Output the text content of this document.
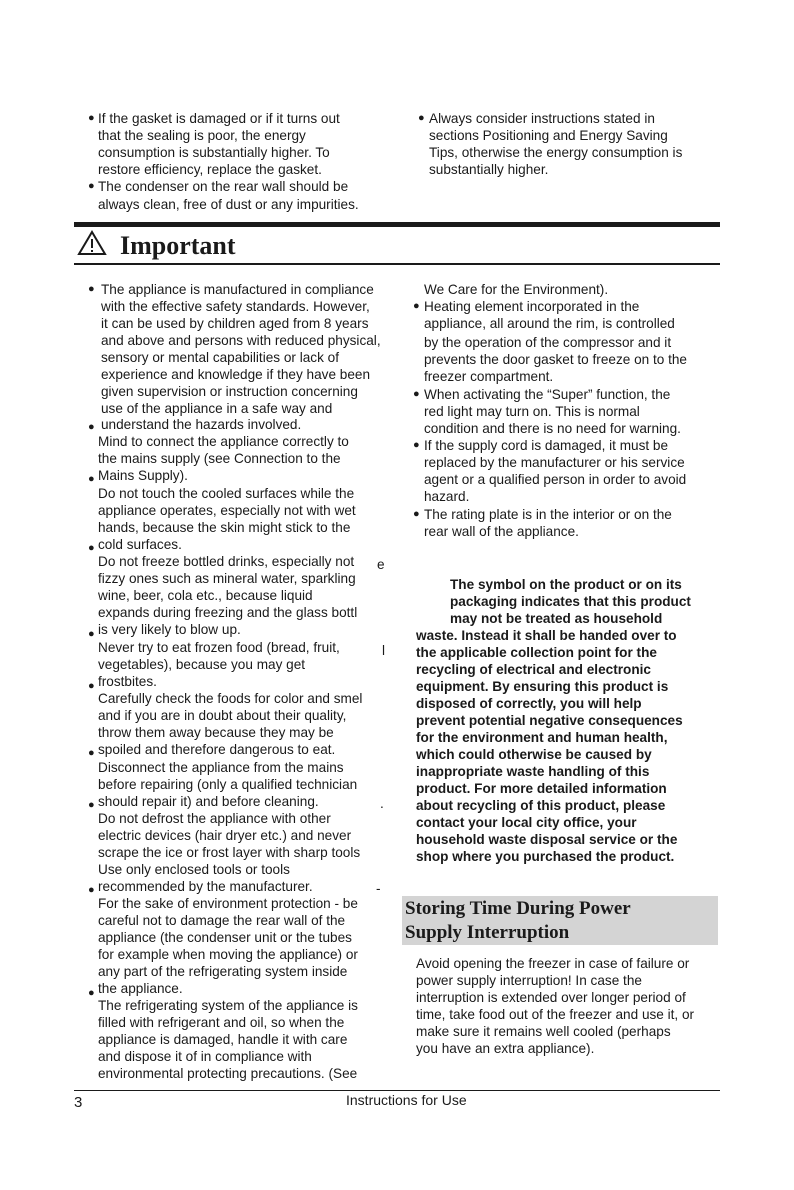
● If the gasket is damaged or if it turns out
that the sealing is poor, the energy
consumption is substantially higher. To
restore efficiency, replace the gasket.
● The condenser on the rear wall should be
always clean, free of dust or any impurities.
● Always consider instructions stated in
sections Positioning and Energy Saving
Tips, otherwise the energy consumption is
substantially higher.
Important
●
●
●
●
●
●
●
●
●
●
The appliance is manufactured in compliance
with the effective safety standards. However,
it can be used by children aged from 8 years
and above and persons with reduced physical,
sensory or mental capabilities or lack of
experience and knowledge if they have been
given supervision or instruction concerning
use of the appliance in a safe way and
understand the hazards involved.
Mind to connect the appliance correctly to
the mains supply (see Connection to the
Mains Supply).
Do not touch the cooled surfaces while the
appliance operates, especially not with wet
hands, because the skin might stick to the
cold surfaces.
Do not freeze bottled drinks, especially not
fizzy ones such as mineral water, sparkling
wine, beer, cola etc., because liquid
expands during freezing and the glass bottl
is very likely to blow up.
Never try to eat frozen food (bread, fruit,
vegetables), because you may get
frostbites.
Carefully check the foods for color and smel
and if you are in doubt about their quality,
throw them away because they may be
spoiled and therefore dangerous to eat.
Disconnect the appliance from the mains
before repairing (only a qualified technician
should repair it) and before cleaning.
Do not defrost the appliance with other
electric devices (hair dryer etc.) and never
scrape the ice or frost layer with sharp tools
Use only enclosed tools or tools
recommended by the manufacturer.
For the sake of environment protection - be
careful not to damage the rear wall of the
appliance (the condenser unit or the tubes
for example when moving the appliance) or
any part of the refrigerating system inside
the appliance.
The refrigerating system of the appliance is
filled with refrigerant and oil, so when the
appliance is damaged, handle it with care
and dispose it of in compliance with
environmental protecting precautions. (See
e
l
.
-
We Care for the Environment).
● Heating element incorporated in the
appliance, all around the rim, is controlled
by the operation of the compressor and it
prevents the door gasket to freeze on to the
freezer compartment.
● When activating the “Super” function, the
red light may turn on. This is normal
condition and there is no need for warning.
● If the supply cord is damaged, it must be
replaced by the manufacturer or his service
agent or a qualified person in order to avoid
hazard.
● The rating plate is in the interior or on the
rear wall of the appliance.
The symbol on the product or on its
packaging indicates that this product
may not be treated as household
waste. Instead it shall be handed over to
the applicable collection point for the
recycling of electrical and electronic
equipment. By ensuring this product is
disposed of correctly, you will help
prevent potential negative consequences
for the environment and human health,
which could otherwise be caused by
inappropriate waste handling of this
product. For more detailed information
about recycling of this product, please
contact your local city office, your
household waste disposal service or the
shop where you purchased the product.
Storing Time During Power
Supply Interruption
Avoid opening the freezer in case of failure or
power supply interruption! In case the
interruption is extended over longer period of
time, take food out of the freezer and use it, or
make sure it remains well cooled (perhaps
you have an extra appliance).
3	Instructions for Use
